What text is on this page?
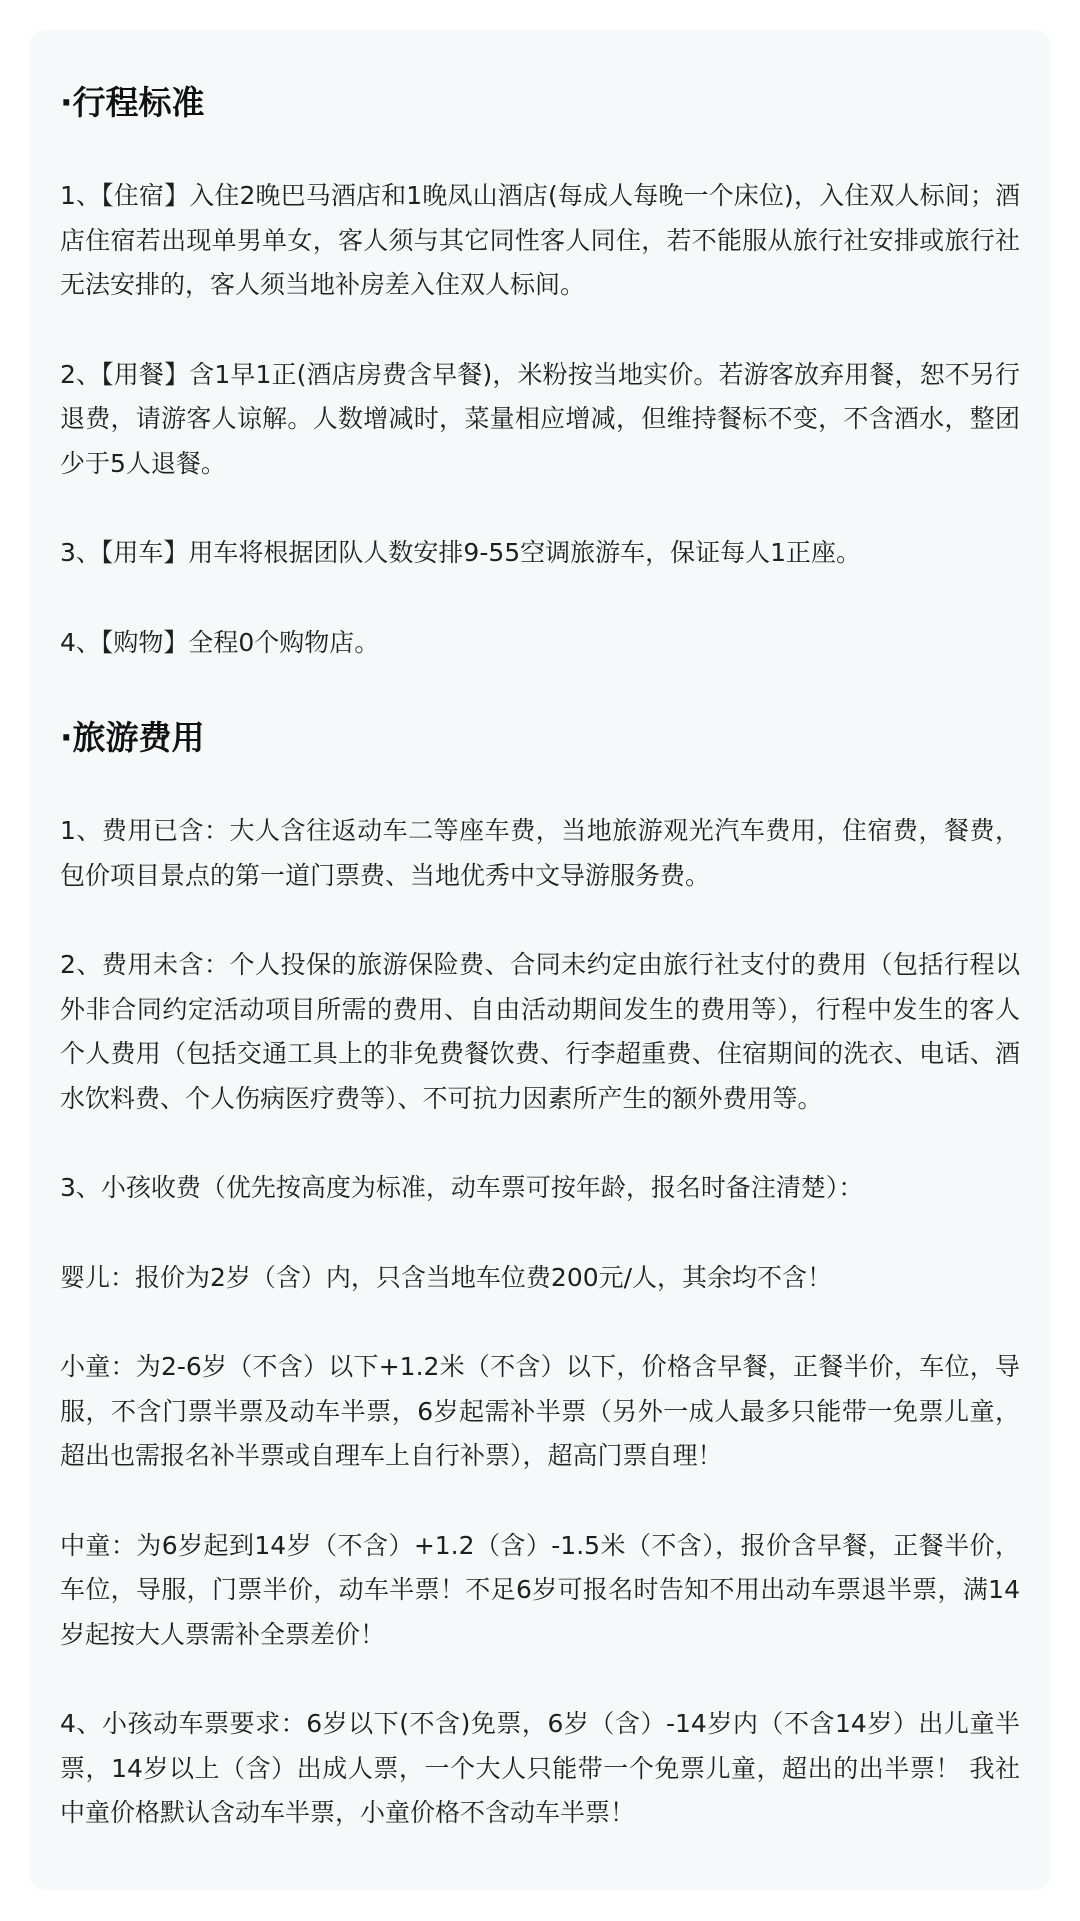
·行程标准

1、【住宿】入住2晚巴马酒店和1晚凤山酒店(每成人每晚一个床位)，入住双人标间；酒店住宿若出现单男单女，客人须与其它同性客人同住，若不能服从旅行社安排或旅行社无法安排的，客人须当地补房差入住双人标间。

2、【用餐】含1早1正(酒店房费含早餐)，米粉按当地实价。若游客放弃用餐，恕不另行退费，请游客人谅解。人数增减时，菜量相应增减，但维持餐标不变，不含酒水，整团少于5人退餐。

3、【用车】用车将根据团队人数安排9-55空调旅游车，保证每人1正座。

4、【购物】全程0个购物店。

·旅游费用

1、费用已含：大人含往返动车二等座车费，当地旅游观光汽车费用，住宿费，餐费，包价项目景点的第一道门票费、当地优秀中文导游服务费。

2、费用未含：个人投保的旅游保险费、合同未约定由旅行社支付的费用（包括行程以外非合同约定活动项目所需的费用、自由活动期间发生的费用等），行程中发生的客人个人费用（包括交通工具上的非免费餐饮费、行李超重费、住宿期间的洗衣、电话、酒水饮料费、个人伤病医疗费等）、不可抗力因素所产生的额外费用等。

3、小孩收费（优先按高度为标准，动车票可按年龄，报名时备注清楚）：

婴儿：报价为2岁（含）内，只含当地车位费200元/人，其余均不含！

小童：为2-6岁（不含）以下+1.2米（不含）以下，价格含早餐，正餐半价，车位，导服，不含门票半票及动车半票，6岁起需补半票（另外一成人最多只能带一免票儿童，超出也需报名补半票或自理车上自行补票），超高门票自理！

中童：为6岁起到14岁（不含）+1.2（含）-1.5米（不含），报价含早餐，正餐半价，车位，导服，门票半价，动车半票！不足6岁可报名时告知不用出动车票退半票，满14岁起按大人票需补全票差价！

4、小孩动车票要求：6岁以下(不含)免票，6岁（含）-14岁内（不含14岁）出儿童半票，14岁以上（含）出成人票，一个大人只能带一个免票儿童，超出的出半票！ 我社中童价格默认含动车半票，小童价格不含动车半票！
